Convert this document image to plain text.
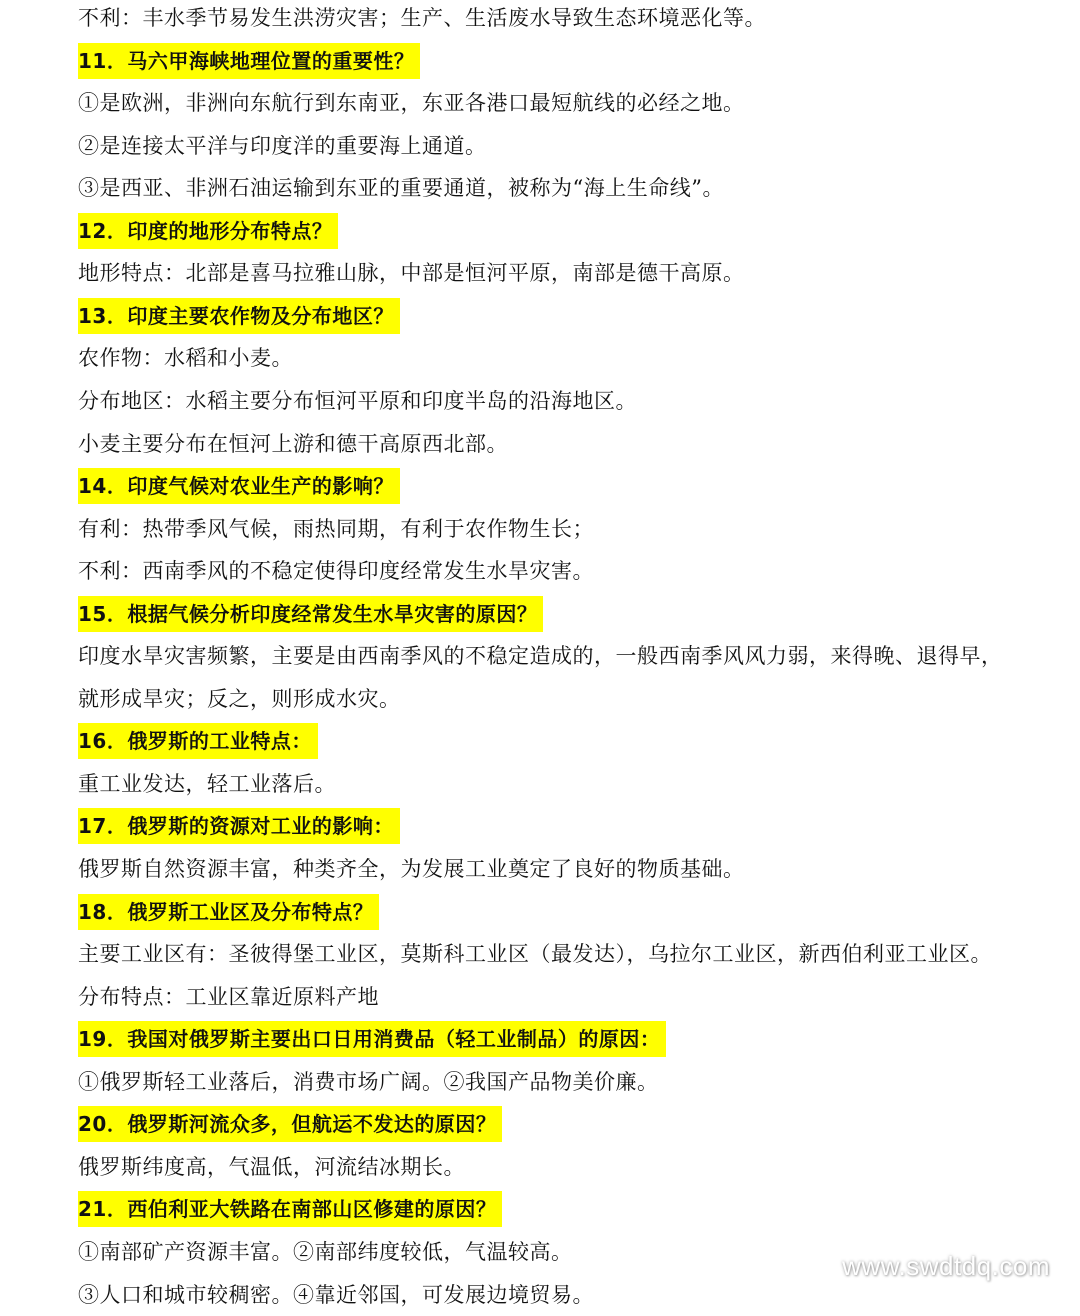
不利：丰水季节易发生洪涝灾害；生产、生活废水导致生态环境恶化等。
11．马六甲海峡地理位置的重要性？
①是欧洲，非洲向东航行到东南亚，东亚各港口最短航线的必经之地。
②是连接太平洋与印度洋的重要海上通道。
③是西亚、非洲石油运输到东亚的重要通道，被称为“海上生命线”。
12．印度的地形分布特点？
地形特点：北部是喜马拉雅山脉，中部是恒河平原，南部是德干高原。
13．印度主要农作物及分布地区？
农作物：水稻和小麦。
分布地区：水稻主要分布恒河平原和印度半岛的沿海地区。
小麦主要分布在恒河上游和德干高原西北部。
14．印度气候对农业生产的影响？
有利：热带季风气候，雨热同期，有利于农作物生长；
不利：西南季风的不稳定使得印度经常发生水旱灾害。
15．根据气候分析印度经常发生水旱灾害的原因？
印度水旱灾害频繁，主要是由西南季风的不稳定造成的，一般西南季风风力弱，来得晚、退得早，
就形成旱灾；反之，则形成水灾。
16．俄罗斯的工业特点：
重工业发达，轻工业落后。
17．俄罗斯的资源对工业的影响：
俄罗斯自然资源丰富，种类齐全，为发展工业奠定了良好的物质基础。
18．俄罗斯工业区及分布特点？
主要工业区有：圣彼得堡工业区，莫斯科工业区（最发达），乌拉尔工业区，新西伯利亚工业区。
分布特点：工业区靠近原料产地
19．我国对俄罗斯主要出口日用消费品（轻工业制品）的原因：
①俄罗斯轻工业落后，消费市场广阔。②我国产品物美价廉。
20．俄罗斯河流众多，但航运不发达的原因？
俄罗斯纬度高，气温低，河流结冰期长。
21．西伯利亚大铁路在南部山区修建的原因？
①南部矿产资源丰富。②南部纬度较低，气温较高。
③人口和城市较稠密。④靠近邻国，可发展边境贸易。
www.swdtdq.com
